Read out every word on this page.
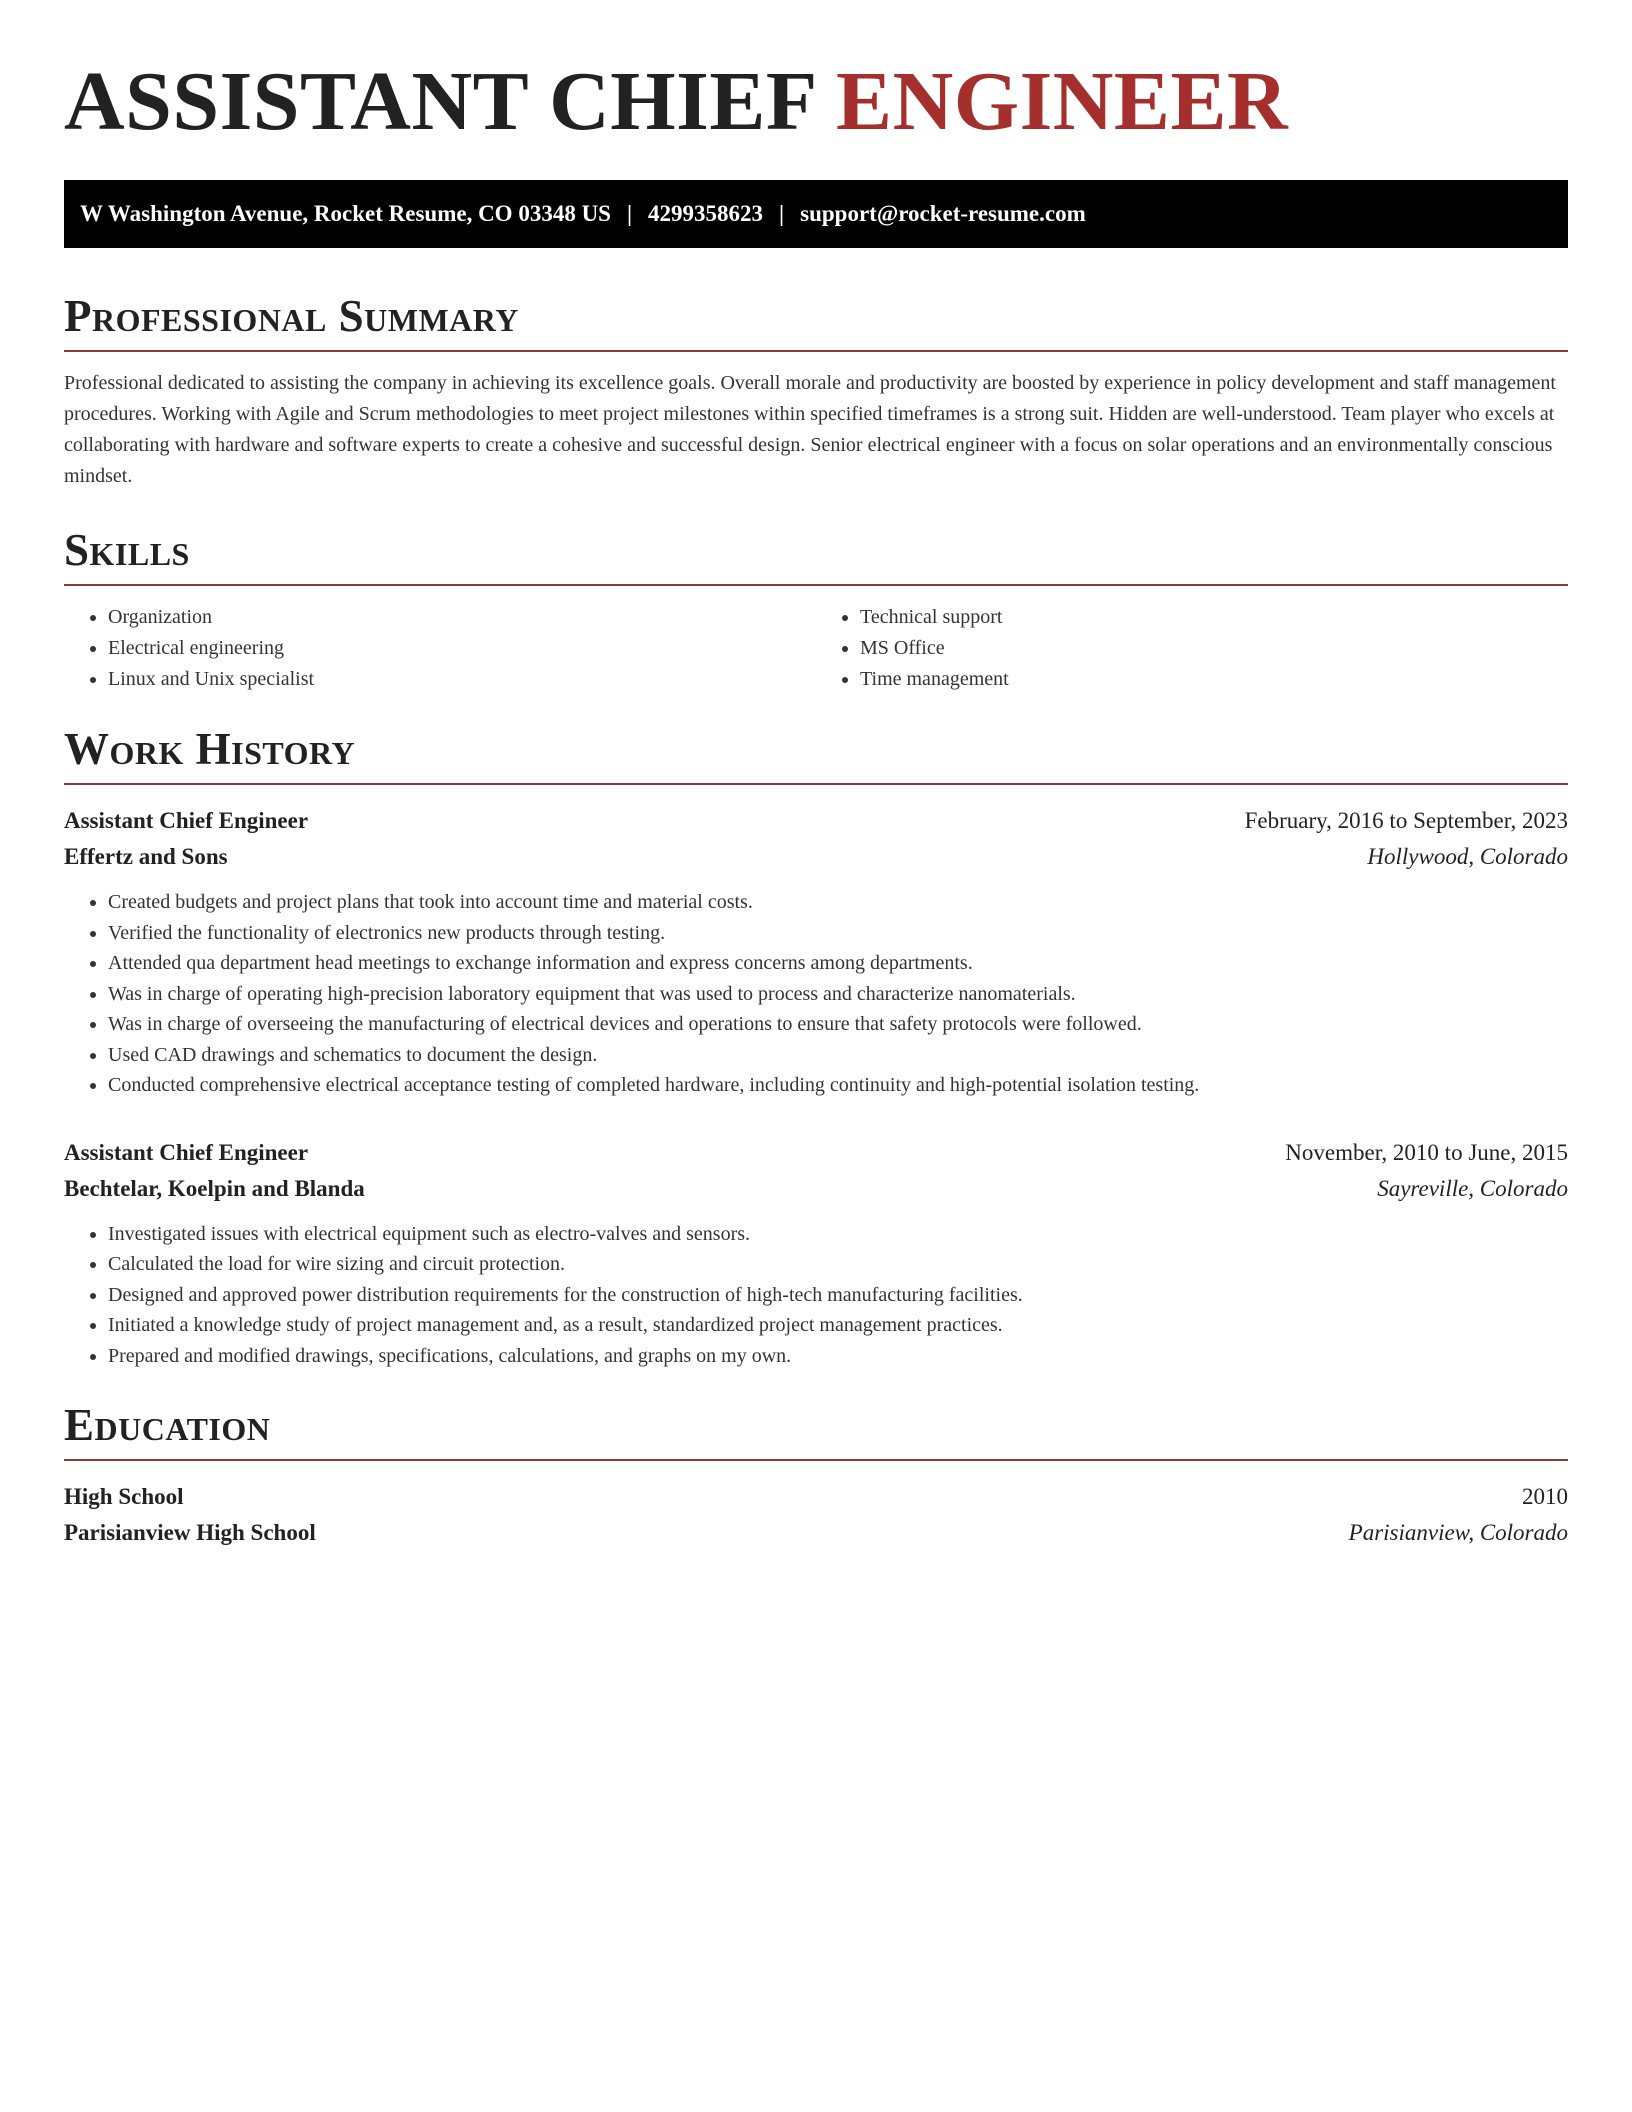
ASSISTANT CHIEF ENGINEER
W Washington Avenue, Rocket Resume, CO 03348 US | 4299358623 | support@rocket-resume.com
Professional Summary

Professional dedicated to assisting the company in achieving its excellence goals. Overall morale and productivity are boosted by experience in policy development and staff management procedures. Working with Agile and Scrum methodologies to meet project milestones within specified timeframes is a strong suit. Hidden are well-understood. Team player who excels at collaborating with hardware and software experts to create a cohesive and successful design. Senior electrical engineer with a focus on solar operations and an environmentally conscious mindset.

Skills
• Organization
• Electrical engineering
• Linux and Unix specialist
• Technical support
• MS Office
• Time management
Work History
Assistant Chief Engineer	February, 2016 to September, 2023
Effertz and Sons	Hollywood, Colorado
• Created budgets and project plans that took into account time and material costs.
• Verified the functionality of electronics new products through testing.
• Attended qua department head meetings to exchange information and express concerns among departments.
• Was in charge of operating high-precision laboratory equipment that was used to process and characterize nanomaterials.
• Was in charge of overseeing the manufacturing of electrical devices and operations to ensure that safety protocols were followed.
• Used CAD drawings and schematics to document the design.
• Conducted comprehensive electrical acceptance testing of completed hardware, including continuity and high-potential isolation testing.
Assistant Chief Engineer	November, 2010 to June, 2015
Bechtelar, Koelpin and Blanda	Sayreville, Colorado
• Investigated issues with electrical equipment such as electro-valves and sensors.
• Calculated the load for wire sizing and circuit protection.
• Designed and approved power distribution requirements for the construction of high-tech manufacturing facilities.
• Initiated a knowledge study of project management and, as a result, standardized project management practices.
• Prepared and modified drawings, specifications, calculations, and graphs on my own.
Education
High School	2010
Parisianview High School	Parisianview, Colorado
